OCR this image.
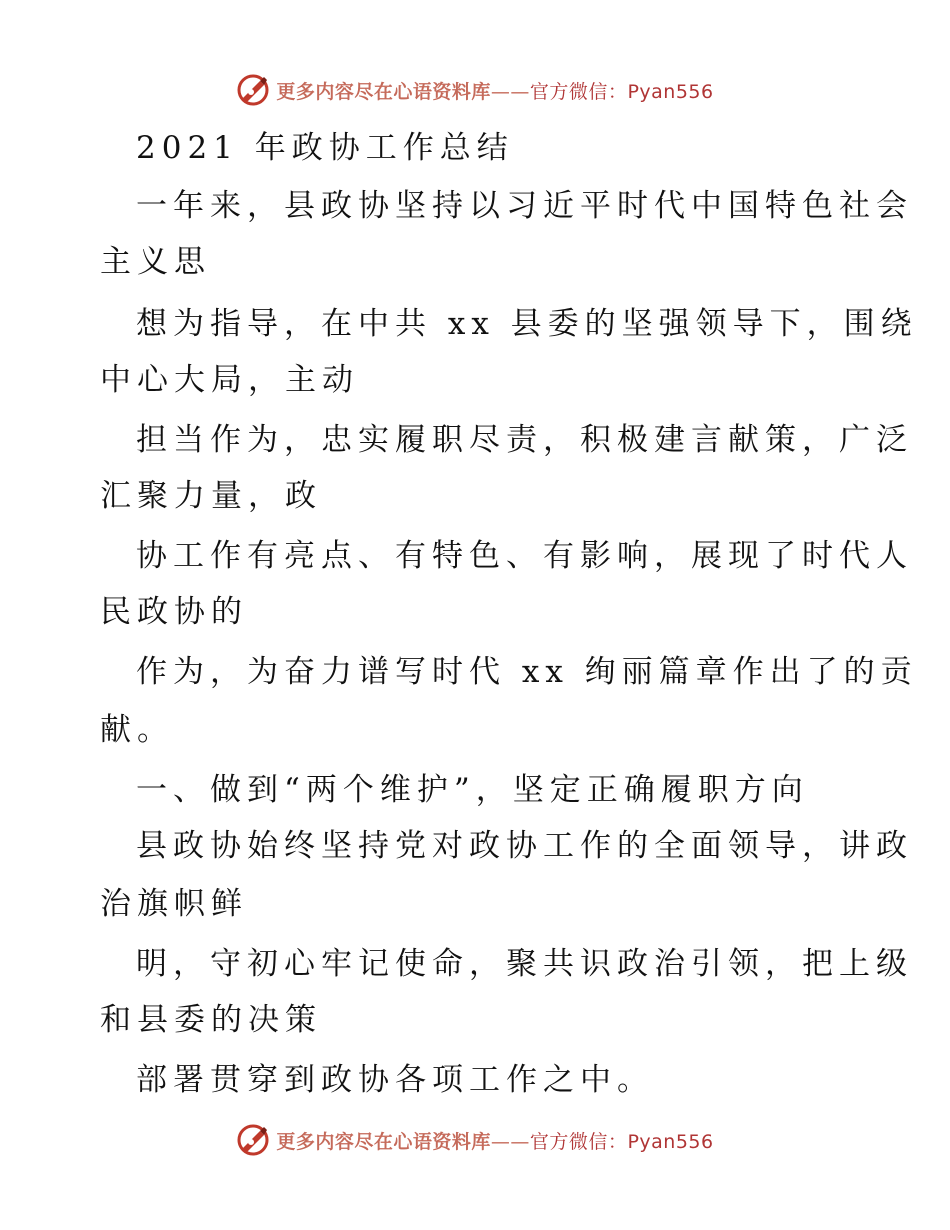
更多内容尽在心语资料库——官方微信：Pyan556
2021 年政协工作总结
一年来，县政协坚持以习近平时代中国特色社会
主义思
想为指导，在中共 xx 县委的坚强领导下，围绕
中心大局，主动
担当作为，忠实履职尽责，积极建言献策，广泛
汇聚力量，政
协工作有亮点、有特色、有影响，展现了时代人
民政协的
作为，为奋力谱写时代 xx 绚丽篇章作出了的贡
献。
一、做到“两个维护”，坚定正确履职方向
县政协始终坚持党对政协工作的全面领导，讲政
治旗帜鲜
明，守初心牢记使命，聚共识政治引领，把上级
和县委的决策
部署贯穿到政协各项工作之中。
更多内容尽在心语资料库——官方微信：Pyan556
